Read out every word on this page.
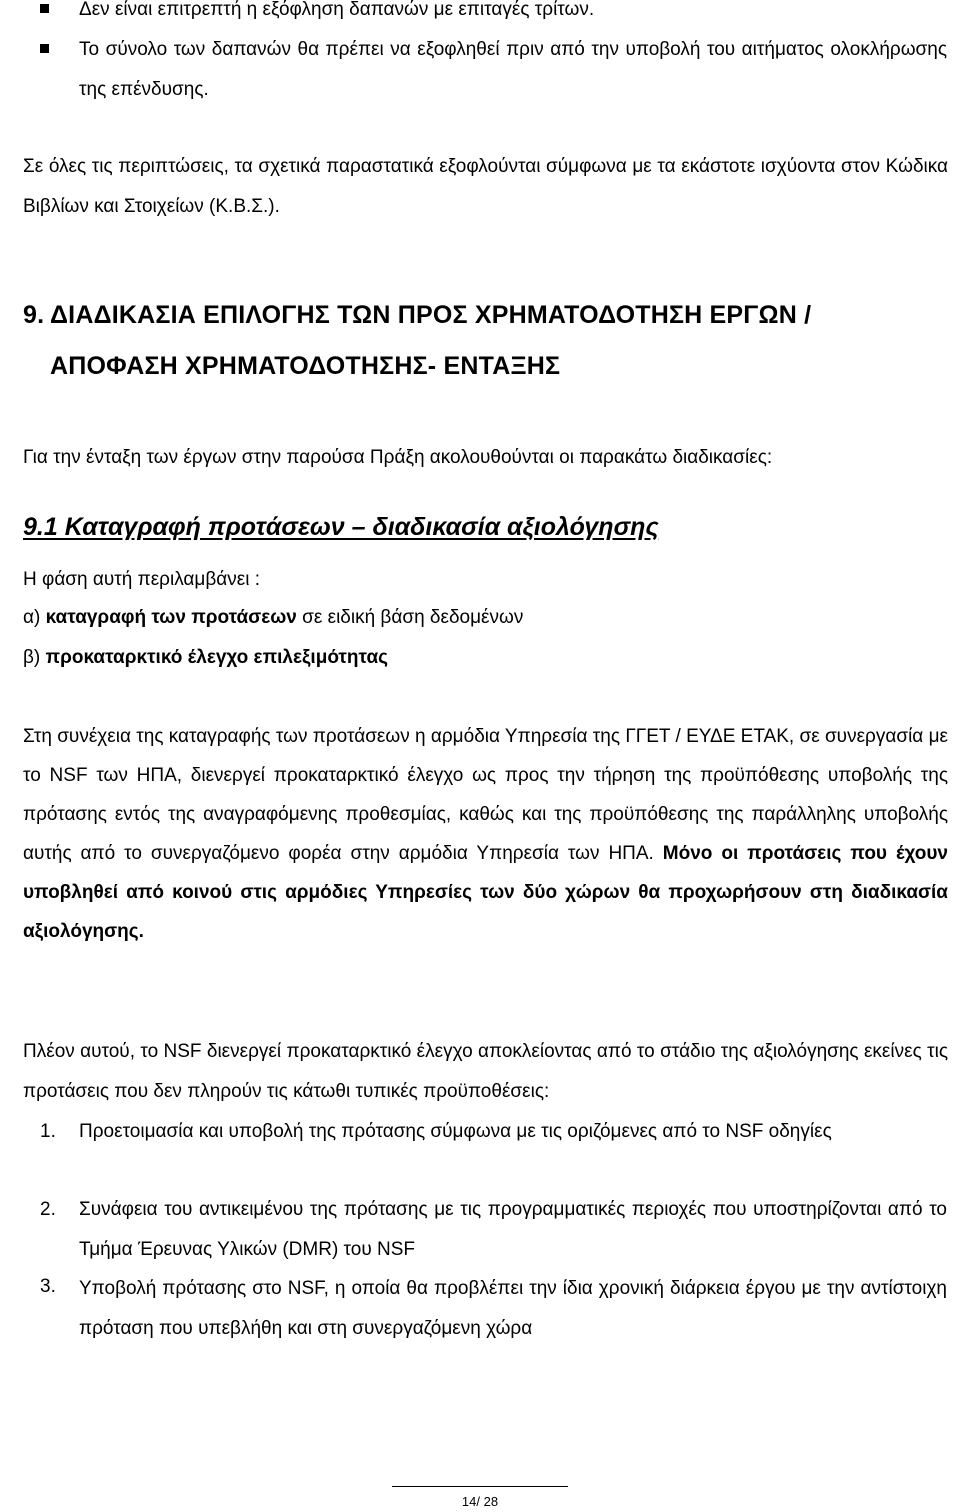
Δεν είναι επιτρεπτή η εξόφληση δαπανών με επιταγές τρίτων.
Το σύνολο των δαπανών θα πρέπει να εξοφληθεί πριν από την υποβολή του αιτήματος ολοκλήρωσης της επένδυσης.
Σε όλες τις περιπτώσεις, τα σχετικά παραστατικά εξοφλούνται σύμφωνα με τα εκάστοτε ισχύοντα στον Κώδικα Βιβλίων και Στοιχείων (Κ.Β.Σ.).
9. ΔΙΑΔΙΚΑΣΙΑ ΕΠΙΛΟΓΗΣ ΤΩΝ ΠΡΟΣ ΧΡΗΜΑΤΟΔΟΤΗΣΗ ΕΡΓΩΝ /
ΑΠΟΦΑΣΗ ΧΡΗΜΑΤΟΔΟΤΗΣΗΣ- ΕΝΤΑΞΗΣ
Για την ένταξη των έργων στην παρούσα Πράξη ακολουθούνται οι παρακάτω διαδικασίες:
9.1 Καταγραφή προτάσεων – διαδικασία αξιολόγησης
Η φάση αυτή περιλαμβάνει :
α) καταγραφή των προτάσεων σε ειδική βάση δεδομένων
β) προκαταρκτικό έλεγχο επιλεξιμότητας
Στη συνέχεια της καταγραφής των προτάσεων η αρμόδια Υπηρεσία της ΓΓΕΤ / ΕΥΔΕ ΕΤΑΚ, σε συνεργασία με το NSF των ΗΠΑ, διενεργεί προκαταρκτικό έλεγχο ως προς την τήρηση της προϋπόθεσης υποβολής της πρότασης εντός της αναγραφόμενης προθεσμίας, καθώς και της προϋπόθεσης της παράλληλης υποβολής αυτής από το συνεργαζόμενο φορέα στην αρμόδια Υπηρεσία των ΗΠΑ. Μόνο οι προτάσεις που έχουν υποβληθεί από κοινού στις αρμόδιες Υπηρεσίες των δύο χώρων θα προχωρήσουν στη διαδικασία αξιολόγησης.
Πλέον αυτού, το NSF διενεργεί προκαταρκτικό έλεγχο αποκλείοντας από το στάδιο της αξιολόγησης εκείνες τις προτάσεις που δεν πληρούν τις κάτωθι τυπικές προϋποθέσεις:
1. Προετοιμασία και υποβολή της πρότασης σύμφωνα με τις οριζόμενες από το NSF οδηγίες
2. Συνάφεια του αντικειμένου της πρότασης με τις προγραμματικές περιοχές που υποστηρίζονται από το Τμήμα Έρευνας Υλικών (DMR) του NSF
3. Υποβολή πρότασης στο NSF, η οποία θα προβλέπει την ίδια χρονική διάρκεια έργου με την αντίστοιχη πρόταση που υπεβλήθη και στη συνεργαζόμενη χώρα
14/ 28
